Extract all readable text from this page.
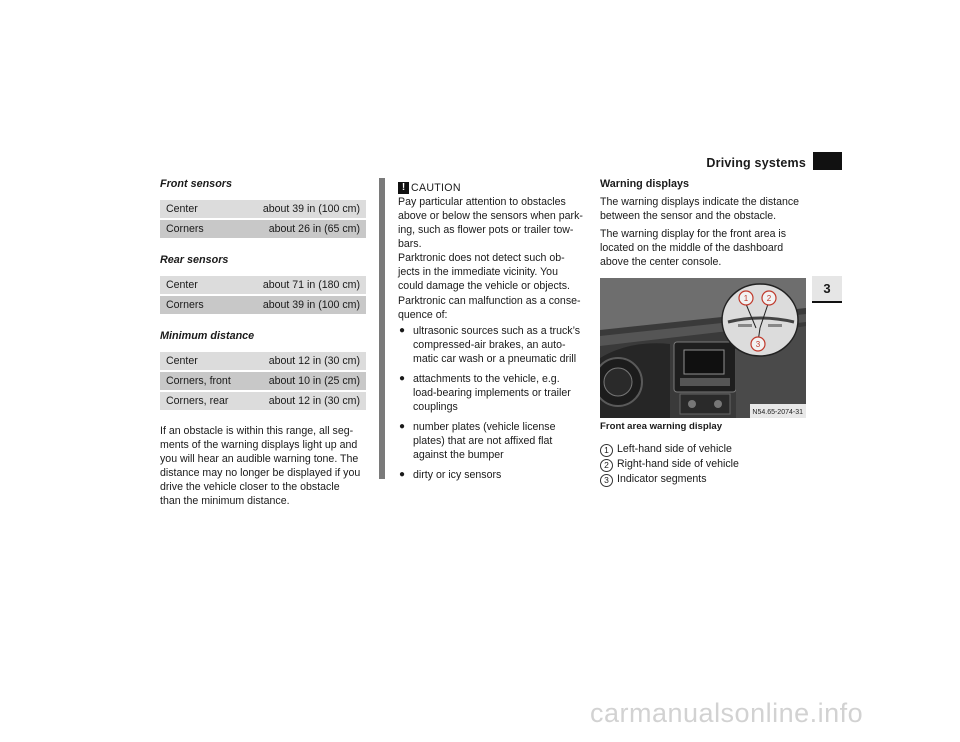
Driving systems
3
Front sensors
Center	about 39 in (100 cm)
Corners	about 26 in (65 cm)
Rear sensors
Center	about 71 in (180 cm)
Corners	about 39 in (100 cm)
Minimum distance
Center	about 12 in (30 cm)
Corners, front	about 10 in (25 cm)
Corners, rear	about 12 in (30 cm)
If an obstacle is within this range, all seg-
ments of the warning displays light up and
you will hear an audible warning tone. The
distance may no longer be displayed if you
drive the vehicle closer to the obstacle
than the minimum distance.
! CAUTION
Pay particular attention to obstacles
above or below the sensors when park-
ing, such as flower pots or trailer tow-
bars.
Parktronic does not detect such ob-
jects in the immediate vicinity. You
could damage the vehicle or objects.
Parktronic can malfunction as a conse-
quence of:
● ultrasonic sources such as a truck’s
compressed-air brakes, an auto-
matic car wash or a pneumatic drill
● attachments to the vehicle, e.g.
load-bearing implements or trailer
couplings
● number plates (vehicle license
plates) that are not affixed flat
against the bumper
● dirty or icy sensors
Warning displays
The warning displays indicate the distance
between the sensor and the obstacle.
The warning display for the front area is
located on the middle of the dashboard
above the center console.
1 2
3
N54.65-2074-31
Front area warning display
1 Left-hand side of vehicle
2 Right-hand side of vehicle
3 Indicator segments
carmanualsonline.info
